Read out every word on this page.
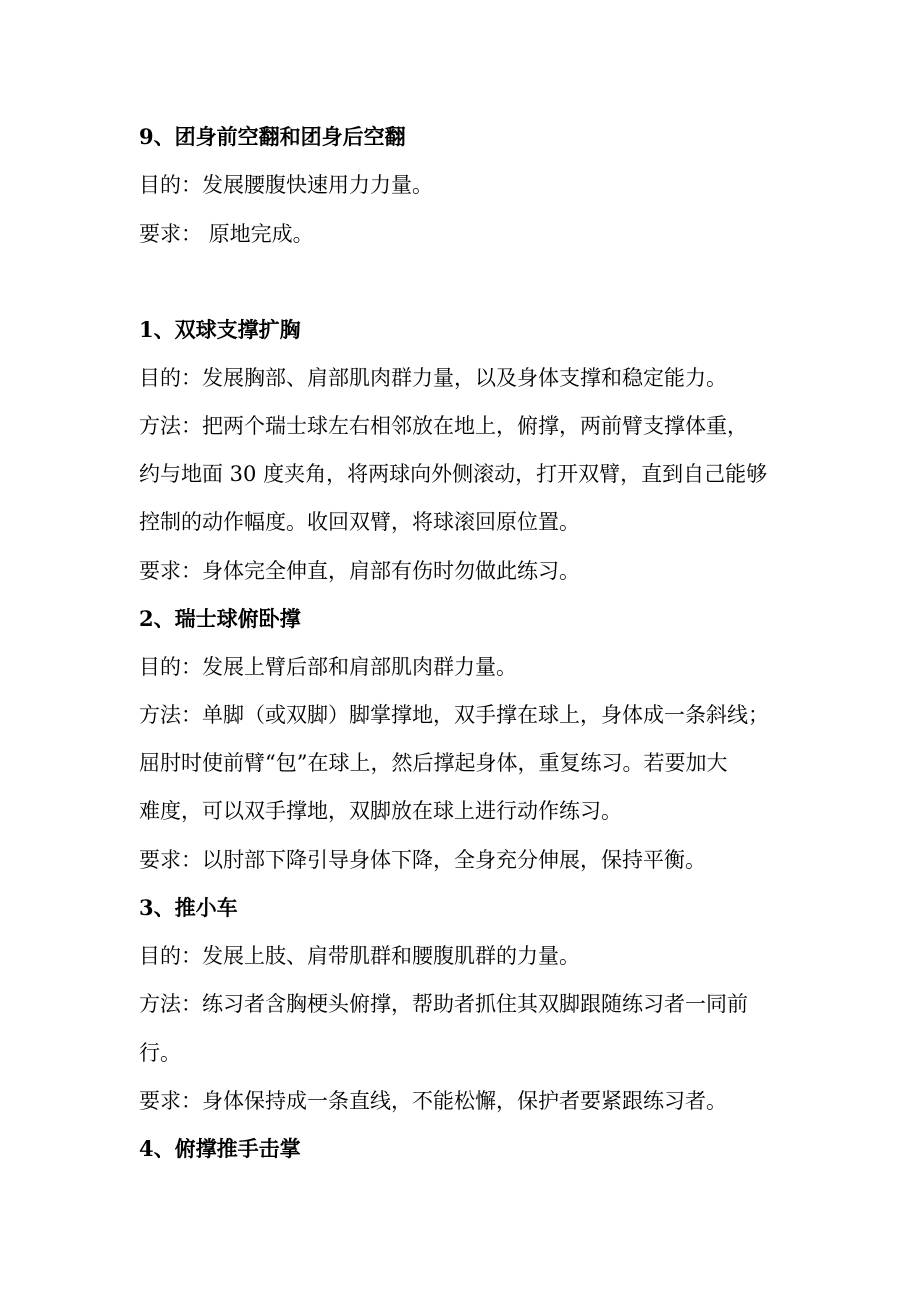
9、团身前空翻和团身后空翻
目的：发展腰腹快速用力力量。
要求： 原地完成。
1、双球支撑扩胸
目的：发展胸部、肩部肌肉群力量，以及身体支撑和稳定能力。
方法：把两个瑞士球左右相邻放在地上，俯撑，两前臂支撑体重，
约与地面 30 度夹角，将两球向外侧滚动，打开双臂，直到自己能够
控制的动作幅度。收回双臂，将球滚回原位置。
要求：身体完全伸直，肩部有伤时勿做此练习。
2、瑞士球俯卧撑
目的：发展上臂后部和肩部肌肉群力量。
方法：单脚（或双脚）脚掌撑地，双手撑在球上，身体成一条斜线；
屈肘时使前臂“包”在球上，然后撑起身体，重复练习。若要加大
难度，可以双手撑地，双脚放在球上进行动作练习。
要求：以肘部下降引导身体下降，全身充分伸展，保持平衡。
3、推小车
目的：发展上肢、肩带肌群和腰腹肌群的力量。
方法：练习者含胸梗头俯撑，帮助者抓住其双脚跟随练习者一同前
行。
要求：身体保持成一条直线，不能松懈，保护者要紧跟练习者。
4、俯撑推手击掌
